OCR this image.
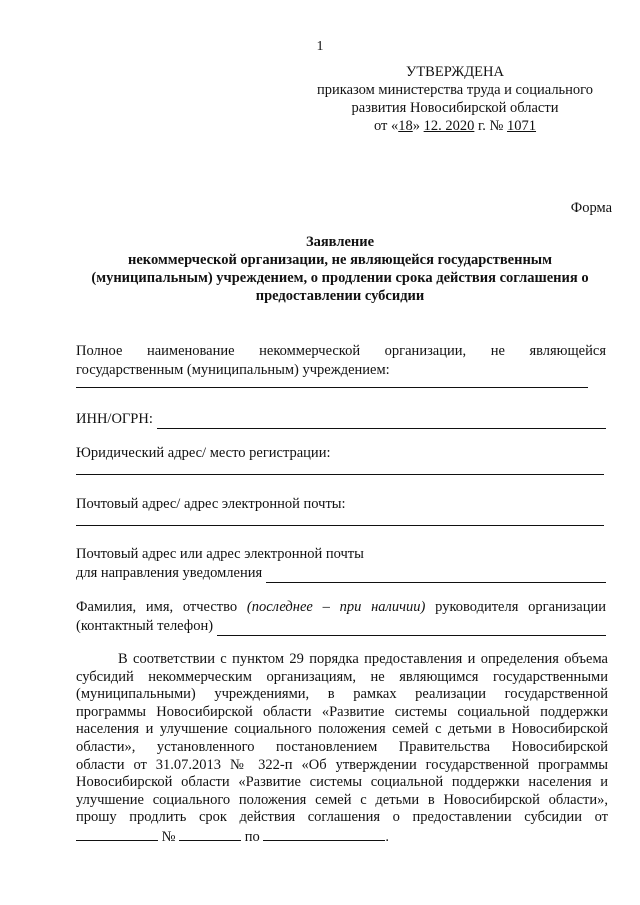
1
УТВЕРЖДЕНА
приказом министерства труда и социального
развития Новосибирской области
от «18» 12. 2020 г. № 1071
Форма
Заявление
некоммерческой организации, не являющейся государственным
(муниципальным) учреждением, о продлении срока действия соглашения о
предоставлении субсидии
Полное наименование некоммерческой организации, не являющейся
государственным (муниципальным) учреждением:
ИНН/ОГРН:
Юридический адрес/ место регистрации:
Почтовый адрес/ адрес электронной почты:
Почтовый адрес или адрес электронной почты
для направления уведомления
Фамилия, имя, отчество (последнее – при наличии) руководителя организации
(контактный телефон)
В соответствии с пунктом 29 порядка предоставления и определения объема
субсидий некоммерческим организациям, не являющимся государственными
(муниципальными) учреждениями, в рамках реализации государственной
программы Новосибирской области «Развитие системы социальной поддержки
населения и улучшение социального положения семей с детьми в Новосибирской
области», установленного постановлением Правительства Новосибирской
области от 31.07.2013 № 322-п «Об утверждении государственной программы
Новосибирской области «Развитие системы социальной поддержки населения и
улучшение социального положения семей с детьми в Новосибирской области»,
прошу продлить срок действия соглашения о предоставлении субсидии от
№	по	.
